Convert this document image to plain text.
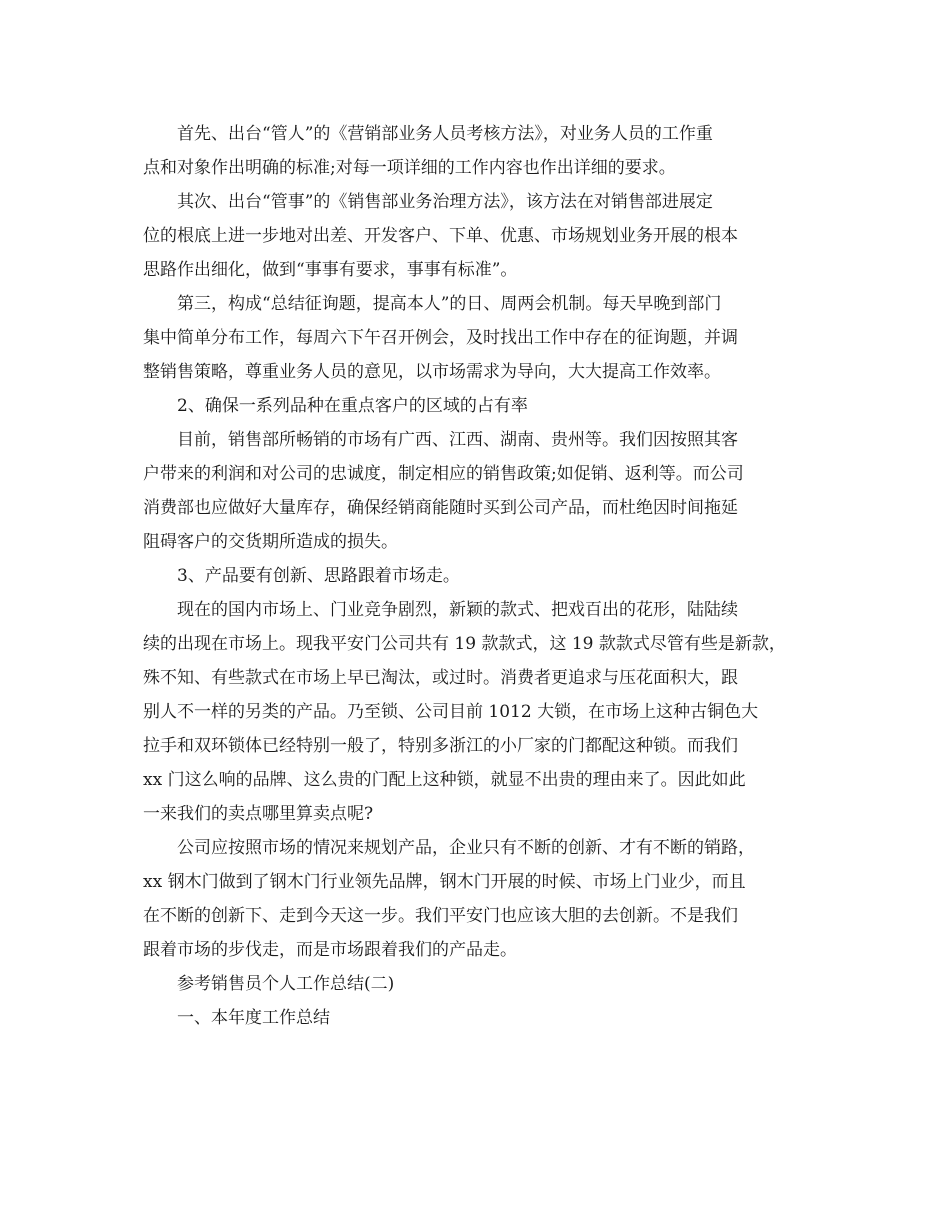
首先、出台“管人”的《营销部业务人员考核方法》，对业务人员的工作重
点和对象作出明确的标准;对每一项详细的工作内容也作出详细的要求。
其次、出台“管事”的《销售部业务治理方法》，该方法在对销售部进展定
位的根底上进一步地对出差、开发客户、下单、优惠、市场规划业务开展的根本
思路作出细化，做到“事事有要求，事事有标准”。
第三，构成“总结征询题，提高本人”的日、周两会机制。每天早晚到部门
集中简单分布工作，每周六下午召开例会，及时找出工作中存在的征询题，并调
整销售策略，尊重业务人员的意见，以市场需求为导向，大大提高工作效率。
2、确保一系列品种在重点客户的区域的占有率
目前，销售部所畅销的市场有广西、江西、湖南、贵州等。我们因按照其客
户带来的利润和对公司的忠诚度，制定相应的销售政策;如促销、返利等。而公司
消费部也应做好大量库存，确保经销商能随时买到公司产品，而杜绝因时间拖延
阻碍客户的交货期所造成的损失。
3、产品要有创新、思路跟着市场走。
现在的国内市场上、门业竞争剧烈，新颖的款式、把戏百出的花形，陆陆续
续的出现在市场上。现我平安门公司共有 19 款款式，这 19 款款式尽管有些是新款，
殊不知、有些款式在市场上早已淘汰，或过时。消费者更追求与压花面积大，跟
别人不一样的另类的产品。乃至锁、公司目前 1012 大锁，在市场上这种古铜色大
拉手和双环锁体已经特别一般了，特别多浙江的小厂家的门都配这种锁。而我们
xx 门这么响的品牌、这么贵的门配上这种锁，就显不出贵的理由来了。因此如此
一来我们的卖点哪里算卖点呢?
公司应按照市场的情况来规划产品，企业只有不断的创新、才有不断的销路，
xx 钢木门做到了钢木门行业领先品牌，钢木门开展的时候、市场上门业少，而且
在不断的创新下、走到今天这一步。我们平安门也应该大胆的去创新。不是我们
跟着市场的步伐走，而是市场跟着我们的产品走。
参考销售员个人工作总结(二)
一、本年度工作总结
